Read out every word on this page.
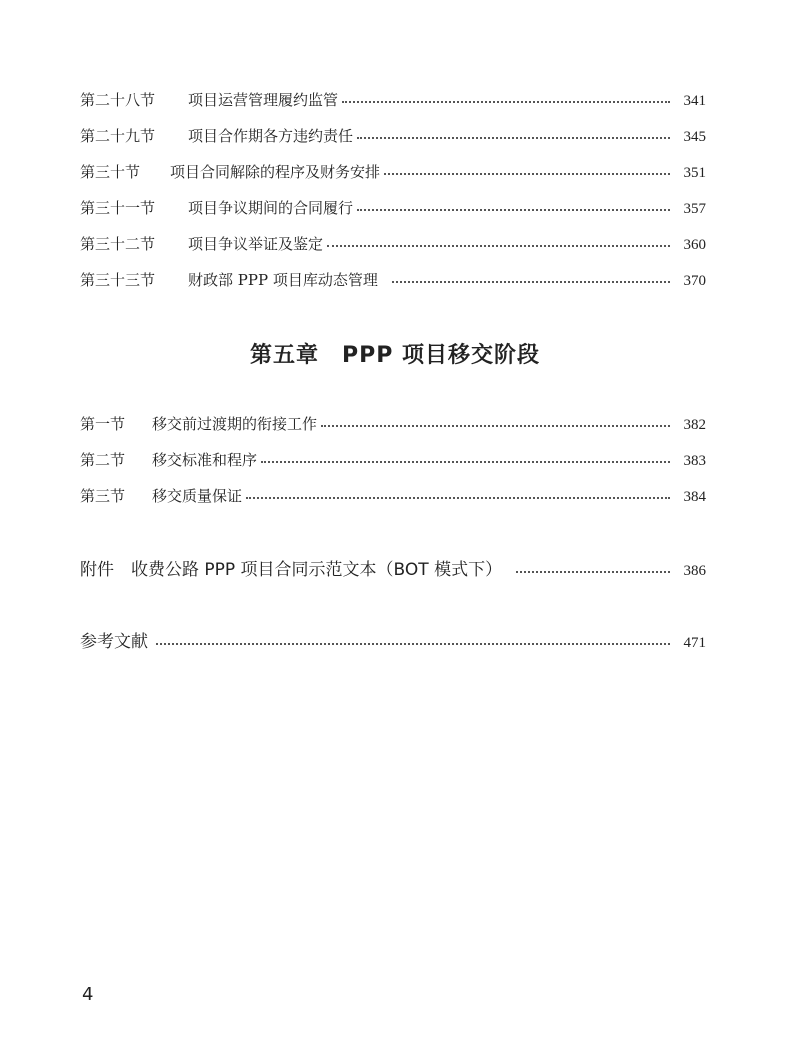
第二十八节	项目运营管理履约监管	341
第二十九节	项目合作期各方违约责任	345
第三十节	项目合同解除的程序及财务安排	351
第三十一节	项目争议期间的合同履行	357
第三十二节	项目争议举证及鉴定	360
第三十三节	财政部 PPP 项目库动态管理	370
第五章　PPP 项目移交阶段
第一节	移交前过渡期的衔接工作	382
第二节	移交标准和程序	383
第三节	移交质量保证	384
附件　收费公路 PPP 项目合同示范文本（BOT 模式下）	386
参考文献	471
4
